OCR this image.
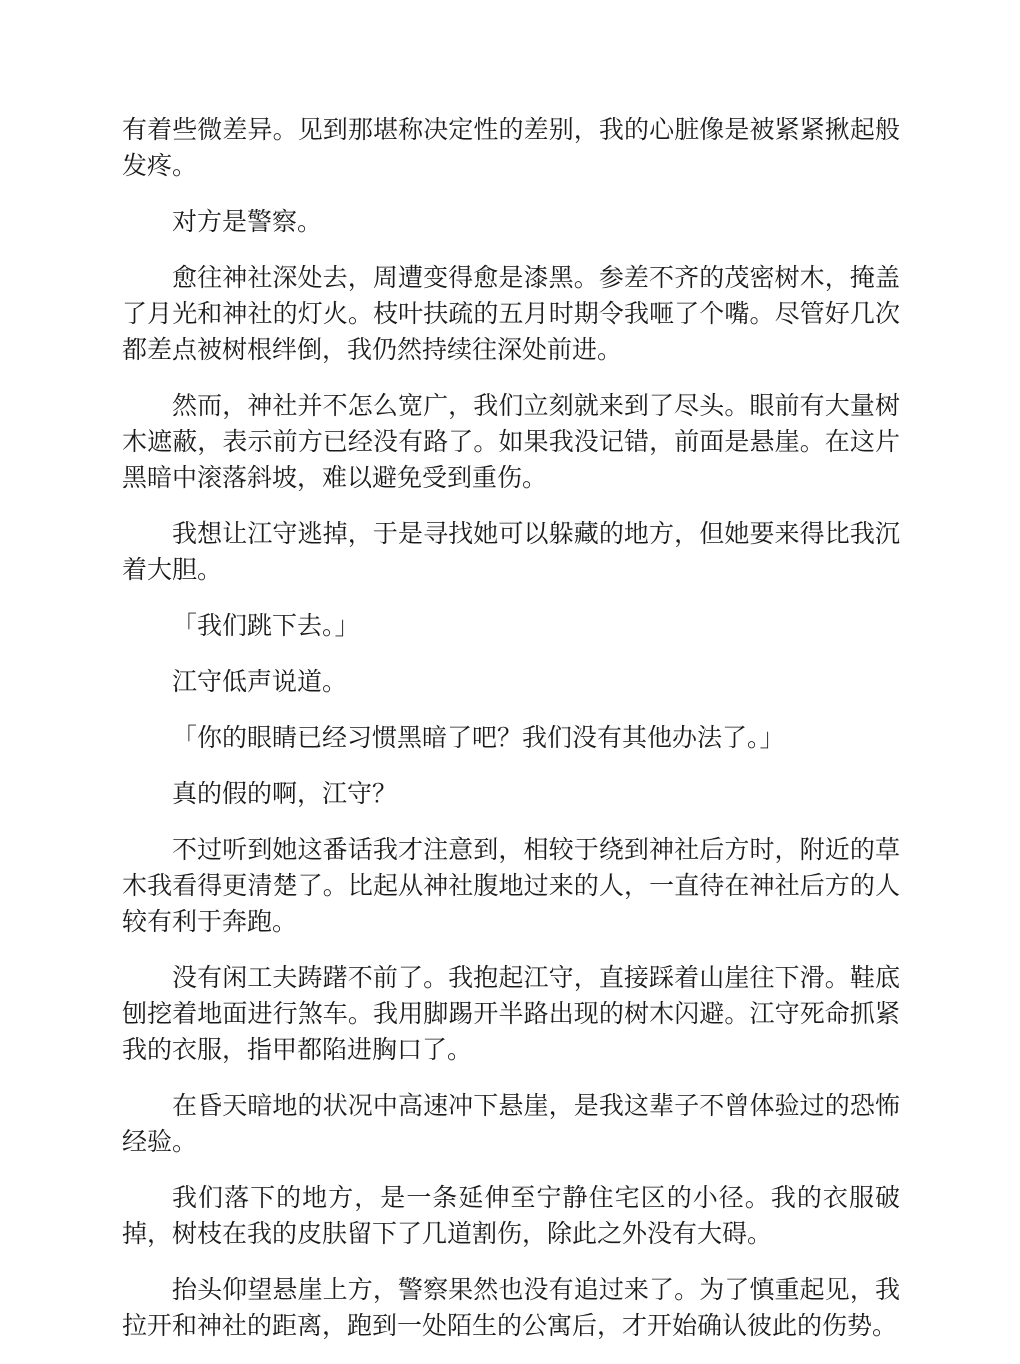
有着些微差异。见到那堪称决定性的差别，我的心脏像是被紧紧揪起般发疼。

对方是警察。

愈往神社深处去，周遭变得愈是漆黑。参差不齐的茂密树木，掩盖了月光和神社的灯火。枝叶扶疏的五月时期令我咂了个嘴。尽管好几次都差点被树根绊倒，我仍然持续往深处前进。

然而，神社并不怎么宽广，我们立刻就来到了尽头。眼前有大量树木遮蔽，表示前方已经没有路了。如果我没记错，前面是悬崖。在这片黑暗中滚落斜坡，难以避免受到重伤。

我想让江守逃掉，于是寻找她可以躲藏的地方，但她要来得比我沉着大胆。

「我们跳下去。」

江守低声说道。

「你的眼睛已经习惯黑暗了吧？我们没有其他办法了。」

真的假的啊，江守？

不过听到她这番话我才注意到，相较于绕到神社后方时，附近的草木我看得更清楚了。比起从神社腹地过来的人，一直待在神社后方的人较有利于奔跑。

没有闲工夫踌躇不前了。我抱起江守，直接踩着山崖往下滑。鞋底刨挖着地面进行煞车。我用脚踢开半路出现的树木闪避。江守死命抓紧我的衣服，指甲都陷进胸口了。

在昏天暗地的状况中高速冲下悬崖，是我这辈子不曾体验过的恐怖经验。

我们落下的地方，是一条延伸至宁静住宅区的小径。我的衣服破掉，树枝在我的皮肤留下了几道割伤，除此之外没有大碍。

抬头仰望悬崖上方，警察果然也没有追过来了。为了慎重起见，我拉开和神社的距离，跑到一处陌生的公寓后，才开始确认彼此的伤势。
